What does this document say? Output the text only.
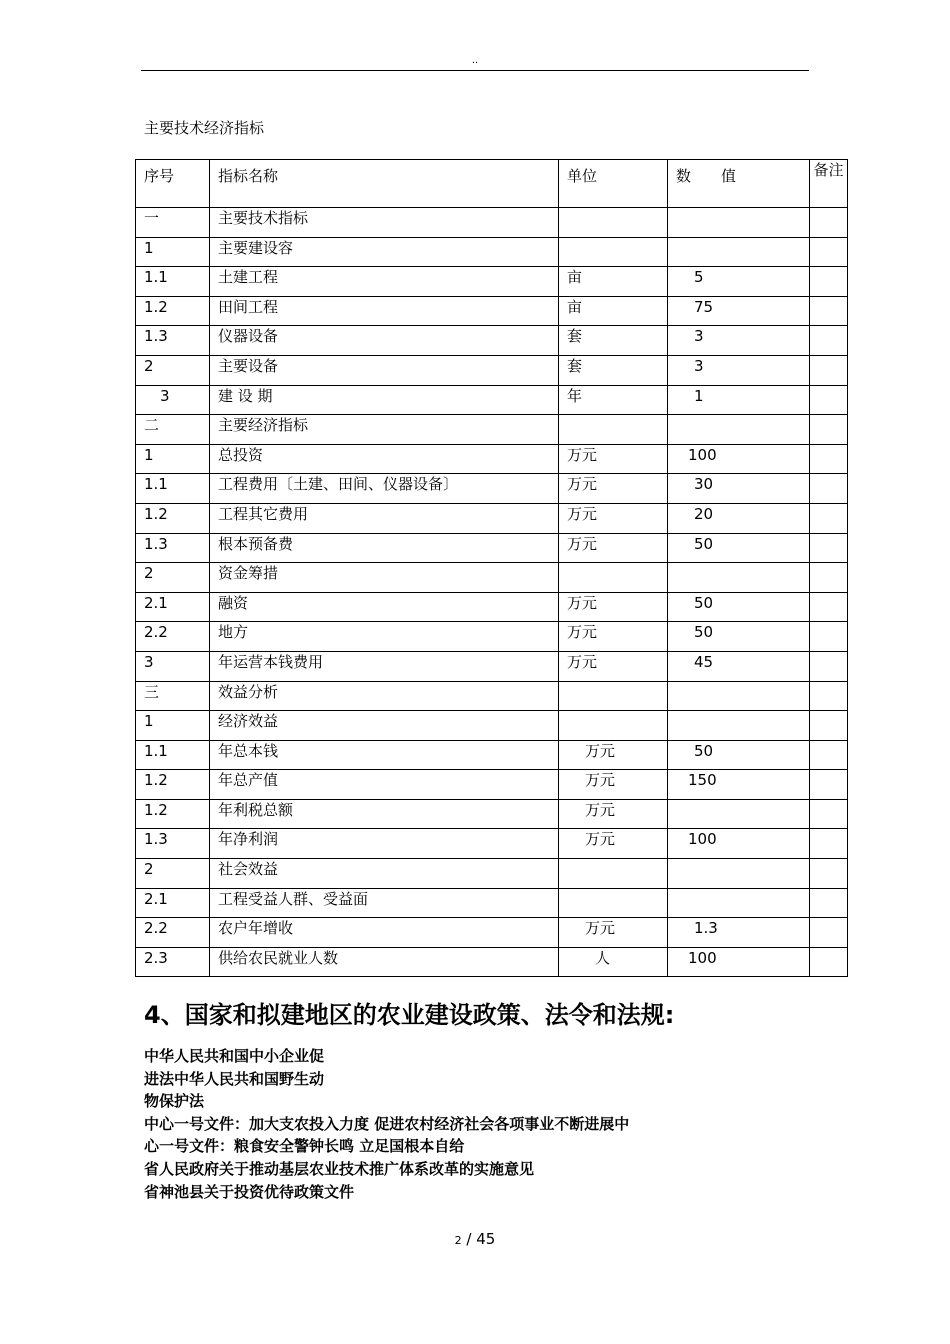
..
主要技术经济指标
序号	指标名称	单位	数　　值	备注
一	主要技术指标			
1	主要建设容			
1.1	土建工程	亩	5	
1.2	田间工程	亩	75	
1.3	仪器设备	套	3	
2	主要设备	套	3	
3	建 设 期	年	1	
二	主要经济指标			
1	总投资	万元	100	
1.1	工程费用〔土建、田间、仪器设备〕	万元	30	
1.2	工程其它费用	万元	20	
1.3	根本预备费	万元	50	
2	资金筹措			
2.1	融资	万元	50	
2.2	地方	万元	50	
3	年运营本钱费用	万元	45	
三	效益分析			
1	经济效益			
1.1	年总本钱	万元	50	
1.2	年总产值	万元	150	
1.2	年利税总额	万元		
1.3	年净利润	万元	100	
2	社会效益			
2.1	工程受益人群、受益面			
2.2	农户年增收	万元	1.3	
2.3	供给农民就业人数	人	100	
4、国家和拟建地区的农业建设政策、法令和法规:
中华人民共和国中小企业促
进法中华人民共和国野生动
物保护法
中心一号文件：加大支农投入力度 促进农村经济社会各项事业不断进展中
心一号文件：粮食安全警钟长鸣 立足国根本自给
省人民政府关于推动基层农业技术推广体系改革的实施意见
省神池县关于投资优待政策文件
2 / 45
